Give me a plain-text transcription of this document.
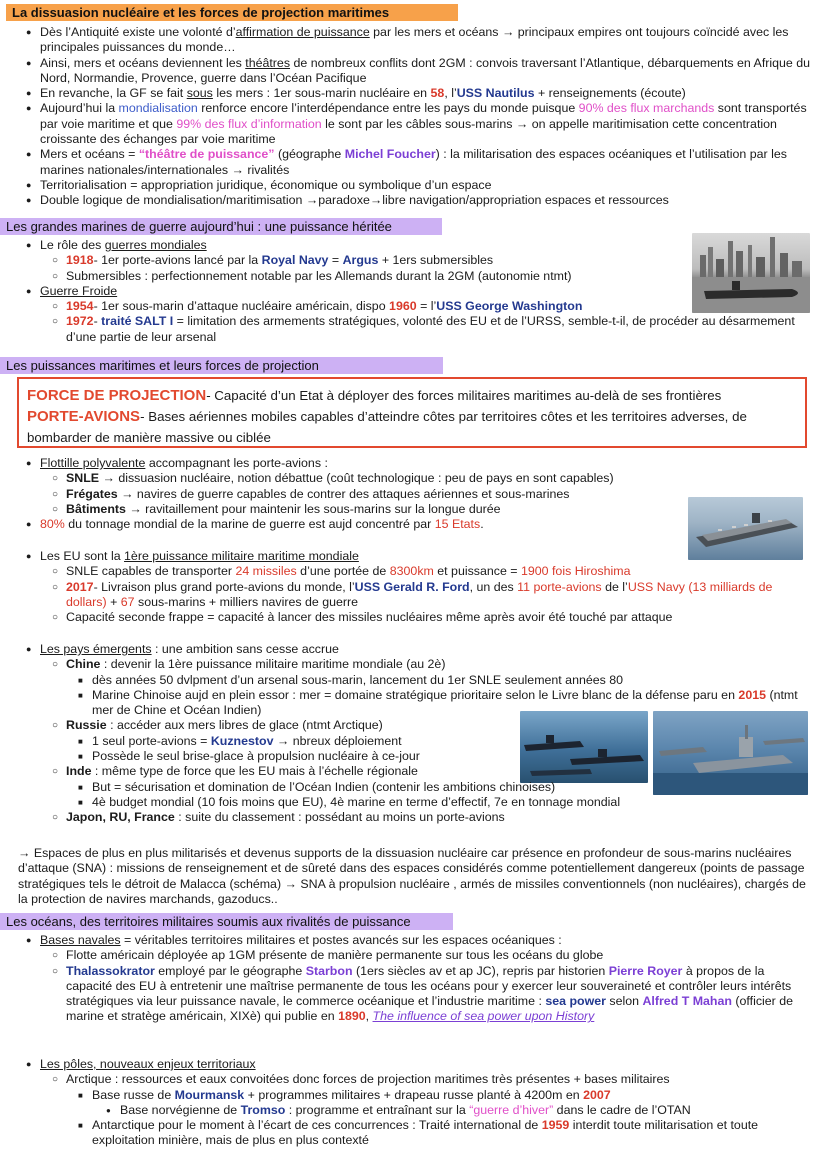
La dissuasion nucléaire et les forces de projection maritimes
● Dès l’Antiquité existe une volonté d’affirmation de puissance par les mers et océans → principaux empires ont toujours coïncidé avec les principales puissances du monde…
● Ainsi, mers et océans deviennent les théâtres de nombreux conflits dont 2GM : convois traversant l’Atlantique, débarquements en Afrique du Nord, Normandie, Provence, guerre dans l’Océan Pacifique
● En revanche, la GF se fait sous les mers : 1er sous-marin nucléaire en 58, l’USS Nautilus + renseignements (écoute)
● Aujourd’hui la mondialisation renforce encore l’interdépendance entre les pays du monde puisque 90% des flux marchands sont transportés par voie maritime et que 99% des flux d’information le sont par les câbles sous-marins → on appelle maritimisation cette concentration croissante des échanges par voie maritime
● Mers et océans = “théâtre de puissance” (géographe Michel Foucher) : la militarisation des espaces océaniques et l’utilisation par les marines nationales/internationales → rivalités
● Territorialisation = appropriation juridique, économique ou symbolique d’un espace
● Double logique de mondialisation/maritimisation →paradoxe→libre navigation/appropriation espaces et ressources
Les grandes marines de guerre aujourd’hui : une puissance héritée
● Le rôle des guerres mondiales
○ 1918- 1er porte-avions lancé par la Royal Navy = Argus + 1ers submersibles
○ Submersibles : perfectionnement notable par les Allemands durant la 2GM (autonomie ntmt)
● Guerre Froide
○ 1954- 1er sous-marin d’attaque nucléaire américain, dispo 1960 = l’USS George Washington
○ 1972- traité SALT I = limitation des armements stratégiques, volonté des EU et de l’URSS, semble-t-il, de procéder au désarmement d’une partie de leur arsenal
Les puissances maritimes et leurs forces de projection
FORCE DE PROJECTION- Capacité d’un Etat à déployer des forces militaires maritimes au-delà de ses frontières
PORTE-AVIONS- Bases aériennes mobiles capables d’atteindre côtes par territoires côtes et les territoires adverses, de bombarder de manière massive ou ciblée
● Flottille polyvalente accompagnant les porte-avions :
○ SNLE → dissuasion nucléaire, notion débattue (coût technologique : peu de pays en sont capables)
○ Frégates → navires de guerre capables de contrer des attaques aériennes et sous-marines
○ Bâtiments → ravitaillement pour maintenir les sous-marins sur la longue durée
● 80% du tonnage mondial de la marine de guerre est aujd concentré par 15 Etats.
● Les EU sont la 1ère puissance militaire maritime mondiale
○ SNLE capables de transporter 24 missiles d’une portée de 8300km et puissance = 1900 fois Hiroshima
○ 2017- Livraison plus grand porte-avions du monde, l’USS Gerald R. Ford, un des 11 porte-avions de l’USS Navy (13 milliards de dollars) + 67 sous-marins + milliers navires de guerre
○ Capacité seconde frappe = capacité à lancer des missiles nucléaires même après avoir été touché par attaque
● Les pays émergents : une ambition sans cesse accrue
○ Chine : devenir la 1ère puissance militaire maritime mondiale (au 2è)
■ dès années 50 dvlpment d’un arsenal sous-marin, lancement du 1er SNLE seulement années 80
■ Marine Chinoise aujd en plein essor : mer = domaine stratégique prioritaire selon le Livre blanc de la défense paru en 2015 (ntmt mer de Chine et Océan Indien)
○ Russie : accéder aux mers libres de glace (ntmt Arctique)
■ 1 seul porte-avions = Kuznestov → nbreux déploiement
■ Possède le seul brise-glace à propulsion nucléaire à ce-jour
○ Inde : même type de force que les EU mais à l’échelle régionale
■ But = sécurisation et domination de l’Océan Indien (contenir les ambitions chinoises)
■ 4è budget mondial (10 fois moins que EU), 4è marine en terme d’effectif, 7e en tonnage mondial
○ Japon, RU, France : suite du classement : possédant au moins un porte-avions
→ Espaces de plus en plus militarisés et devenus supports de la dissuasion nucléaire car présence en profondeur de sous-marins nucléaires d’attaque (SNA) : missions de renseignement et de sûreté dans des espaces considérés comme potentiellement dangereux (points de passage stratégiques tels le détroit de Malacca (schéma) → SNA à propulsion nucléaire , armés de missiles conventionnels (non nucléaires), chargés de la protection de navires marchands, gazoducs..
Les océans, des territoires militaires soumis aux rivalités de puissance
● Bases navales = véritables territoires militaires et postes avancés sur les espaces océaniques :
○ Flotte américain déployée ap 1GM présente de manière permanente sur tous les océans du globe
○ Thalassokrator employé par le géographe Starbon (1ers siècles av et ap JC), repris par historien Pierre Royer à propos de la capacité des EU à entretenir une maîtrise permanente de tous les océans pour y exercer leur souveraineté et contrôler leurs intérêts stratégiques via leur puissance navale, le commerce océanique et l’industrie maritime : sea power selon Alfred T Mahan (officier de marine et stratège américain, XIXè) qui publie en 1890, The influence of sea power upon History
● Les pôles, nouveaux enjeux territoriaux
○ Arctique : ressources et eaux convoitées donc forces de projection maritimes très présentes + bases militaires
■ Base russe de Mourmansk + programmes militaires + drapeau russe planté à 4200m en 2007
● Base norvégienne de Tromso : programme et entraînant sur la “guerre d’hiver” dans le cadre de l’OTAN
■ Antarctique pour le moment à l’écart de ces concurrences : Traité international de 1959 interdit toute militarisation et toute exploitation minière, mais de plus en plus contexté
